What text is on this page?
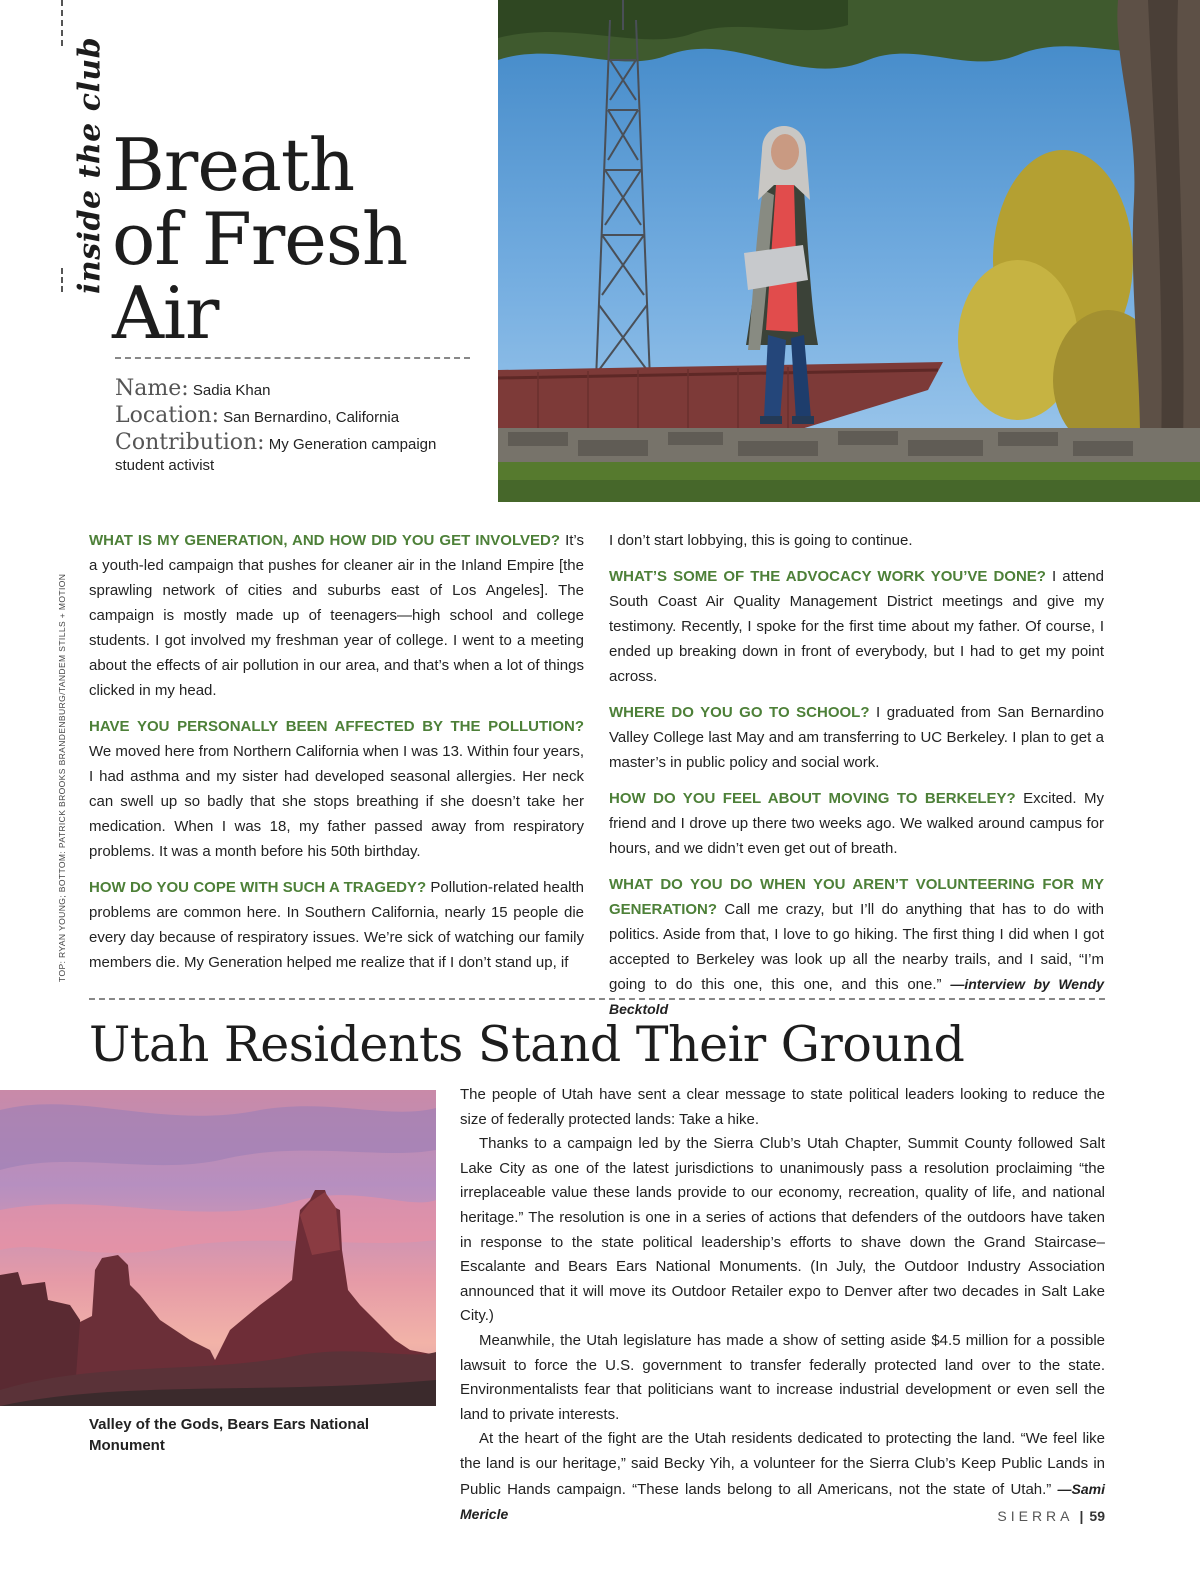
inside the club Breath
of Fresh
Air

Name: Sadia Khan

Location: San Bernardino, California

Contribution: My Generation campaign student activist

TOP: RYAN YOUNG; BOTTOM: PATRICK BROOKS BRANDENBURG/TANDEM STILLS + MOTION

WHAT IS MY GENERATION, AND HOW DID YOU GET INVOLVED? It’s a youth-led campaign that pushes for cleaner air in the Inland Empire [the sprawling network of cities and suburbs east of Los Angeles]. The campaign is mostly made up of teenagers—high school and college students. I got involved my freshman year of college. I went to a meeting about the effects of air pollution in our area, and that’s when a lot of things clicked in my head.

HAVE YOU PERSONALLY BEEN AFFECTED BY THE POLLUTION? We moved here from Northern California when I was 13. Within four years, I had asthma and my sister had developed seasonal allergies. Her neck can swell up so badly that she stops breathing if she doesn’t take her medication. When I was 18, my father passed away from respiratory problems. It was a month before his 50th birthday.

HOW DO YOU COPE WITH SUCH A TRAGEDY? Pollution-related health problems are common here. In Southern California, nearly 15 people die every day because of respiratory issues. We’re sick of watching our family members die. My Generation helped me realize that if I don’t stand up, if

I don’t start lobbying, this is going to continue.

WHAT’S SOME OF THE ADVOCACY WORK YOU’VE DONE? I attend South Coast Air Quality Management District meetings and give my testimony. Recently, I spoke for the first time about my father. Of course, I ended up breaking down in front of everybody, but I had to get my point across.

WHERE DO YOU GO TO SCHOOL? I graduated from San Bernardino Valley College last May and am transferring to UC Berkeley. I plan to get a master’s in public policy and social work.

HOW DO YOU FEEL ABOUT MOVING TO BERKELEY? Excited. My friend and I drove up there two weeks ago. We walked around campus for hours, and we didn’t even get out of breath.

WHAT DO YOU DO WHEN YOU AREN’T VOLUNTEERING FOR MY GENERATION? Call me crazy, but I’ll do anything that has to do with politics. Aside from that, I love to go hiking. The first thing I did when I got accepted to Berkeley was look up all the nearby trails, and I said, “I’m going to do this one, this one, and this one.” —interview by Wendy Becktold

Utah Residents Stand Their Ground
Valley of the Gods, Bears Ears National Monument

The people of Utah have sent a clear message to state political leaders looking to reduce the size of federally protected lands: Take a hike.

Thanks to a campaign led by the Sierra Club’s Utah Chapter, Summit County followed Salt Lake City as one of the latest jurisdictions to unanimously pass a resolution proclaiming “the irreplaceable value these lands provide to our economy, recreation, quality of life, and national heritage.” The resolution is one in a series of actions that defenders of the outdoors have taken in response to the state political leadership’s efforts to shave down the Grand Staircase–Escalante and Bears Ears National Monuments. (In July, the Outdoor Industry Association announced that it will move its Outdoor Retailer expo to Denver after two decades in Salt Lake City.)

Meanwhile, the Utah legislature has made a show of setting aside $4.5 million for a possible lawsuit to force the U.S. government to transfer federally protected land over to the state. Environmentalists fear that politicians want to increase industrial development or even sell the land to private interests.

At the heart of the fight are the Utah residents dedicated to protecting the land. “We feel like the land is our heritage,” said Becky Yih, a volunteer for the Sierra Club’s Keep Public Lands in Public Hands campaign. “These lands belong to all Americans, not the state of Utah.” —Sami Mericle	SIERRA | 59
